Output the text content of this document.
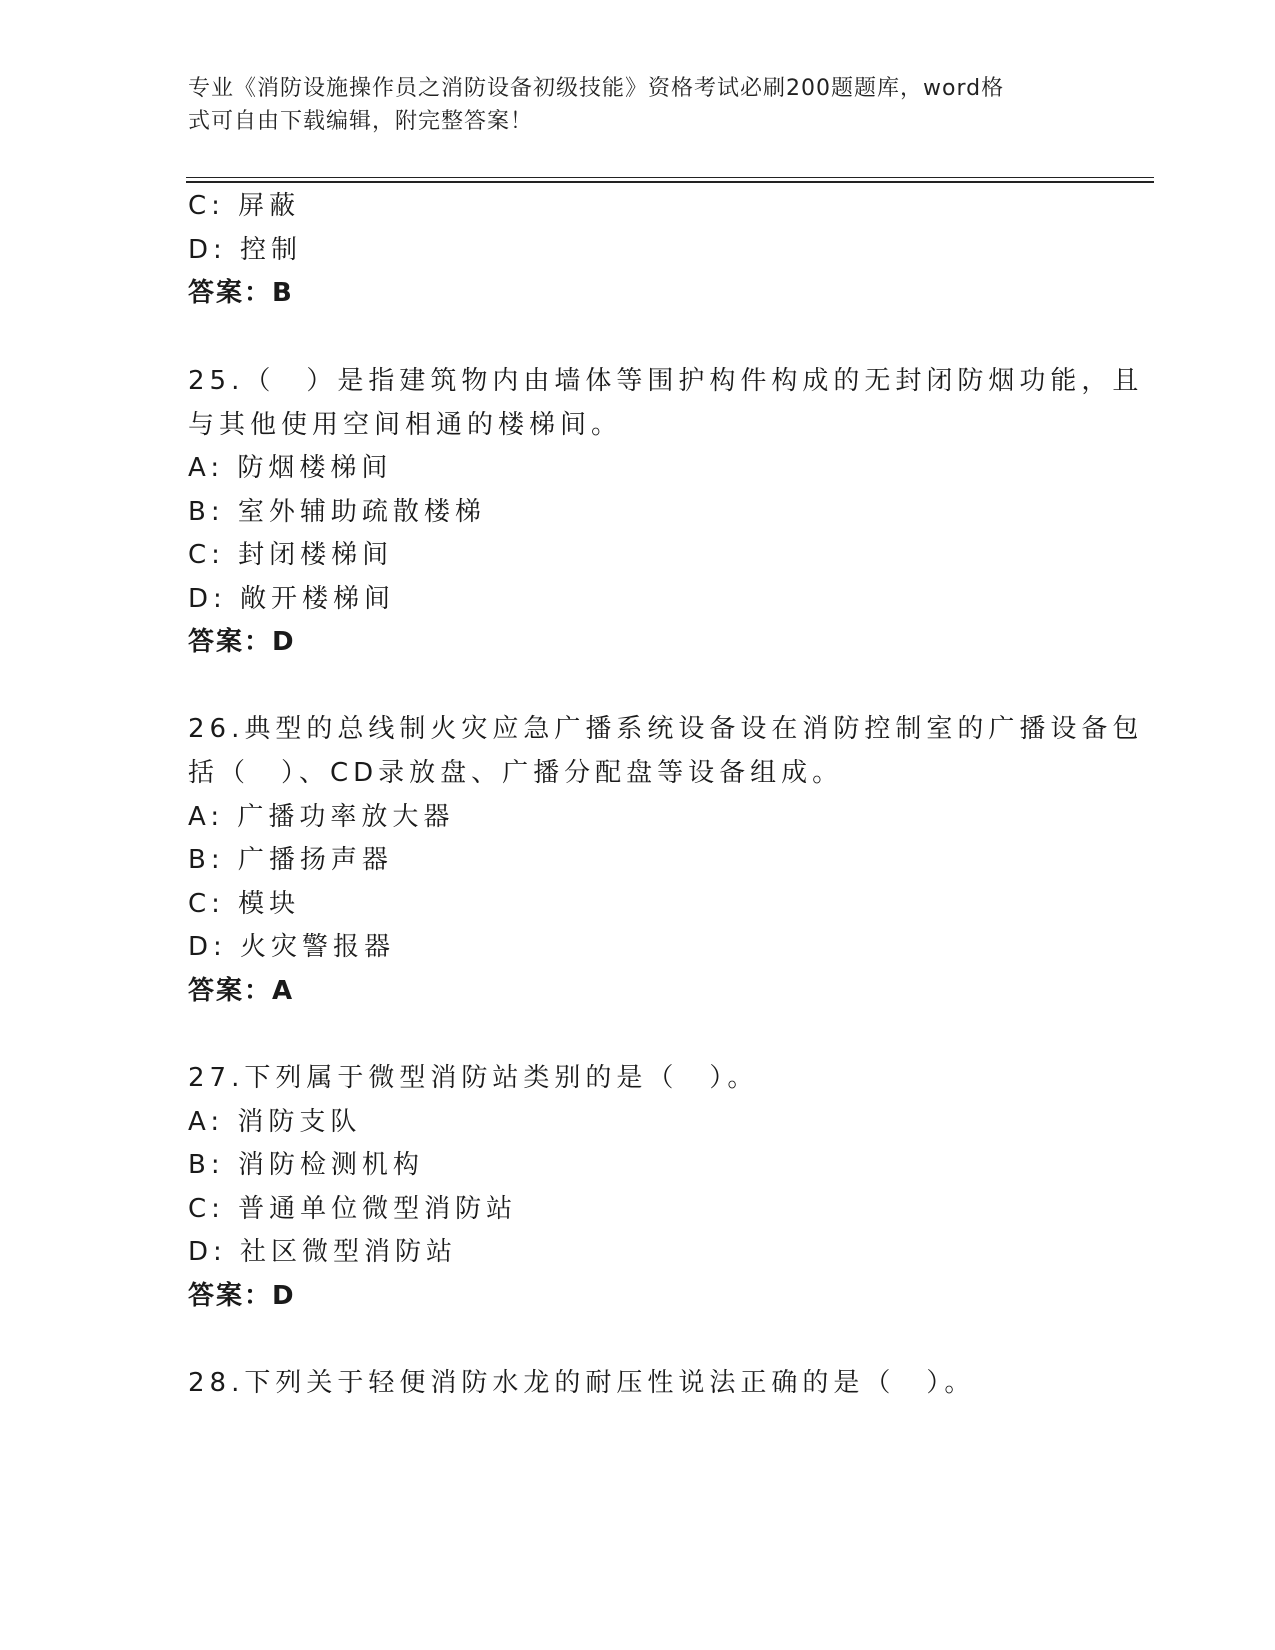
专业《消防设施操作员之消防设备初级技能》资格考试必刷200题题库，word格
式可自由下载编辑，附完整答案！
C: 屏蔽
D: 控制
答案：B
25.（　）是指建筑物内由墙体等围护构件构成的无封闭防烟功能，且
与其他使用空间相通的楼梯间。
A: 防烟楼梯间
B: 室外辅助疏散楼梯
C: 封闭楼梯间
D: 敞开楼梯间
答案：D
26.典型的总线制火灾应急广播系统设备设在消防控制室的广播设备包
括（　）、CD录放盘、广播分配盘等设备组成。
A: 广播功率放大器
B: 广播扬声器
C: 模块
D: 火灾警报器
答案：A
27.下列属于微型消防站类别的是（　）。
A: 消防支队
B: 消防检测机构
C: 普通单位微型消防站
D: 社区微型消防站
答案：D
28.下列关于轻便消防水龙的耐压性说法正确的是（　）。
